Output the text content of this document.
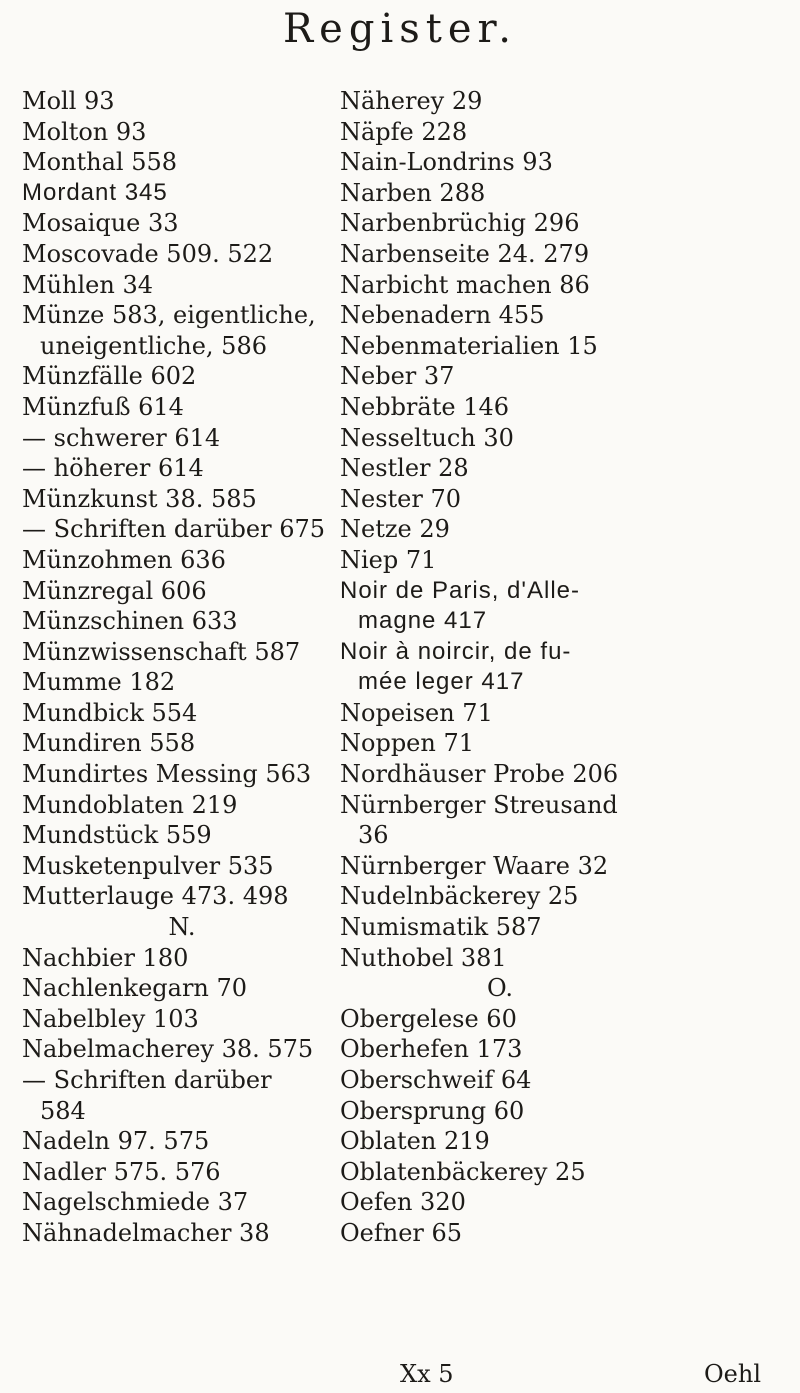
Register.
Moll 93
Molton 93
Monthal 558
Mordant 345
Mosaique 33
Moscovade 509. 522
Mühlen 34
Münze 583, eigentliche,
uneigentliche, 586
Münzfälle 602
Münzfuß 614
— schwerer 614
— höherer 614
Münzkunst 38. 585
— Schriften darüber 675
Münzohmen 636
Münzregal 606
Münzschinen 633
Münzwissenschaft 587
Mumme 182
Mundbick 554
Mundiren 558
Mundirtes Messing 563
Mundoblaten 219
Mundstück 559
Musketenpulver 535
Mutterlauge 473. 498
N.
Nachbier 180
Nachlenkegarn 70
Nabelbley 103
Nabelmacherey 38. 575
— Schriften darüber
584
Nadeln 97. 575
Nadler 575. 576
Nagelschmiede 37
Nähnadelmacher 38
Näherey 29
Näpfe 228
Nain-Londrins 93
Narben 288
Narbenbrüchig 296
Narbenseite 24. 279
Narbicht machen 86
Nebenadern 455
Nebenmaterialien 15
Neber 37
Nebbräte 146
Nesseltuch 30
Nestler 28
Nester 70
Netze 29
Niep 71
Noir de Paris, d'Alle-
magne 417
Noir à noircir, de fu-
mée leger 417
Nopeisen 71
Noppen 71
Nordhäuser Probe 206
Nürnberger Streusand
36
Nürnberger Waare 32
Nudelnbäckerey 25
Numismatik 587
Nuthobel 381
O.
Obergelese 60
Oberhefen 173
Oberschweif 64
Obersprung 60
Oblaten 219
Oblatenbäckerey 25
Oefen 320
Oefner 65
Xx 5	Oehl
